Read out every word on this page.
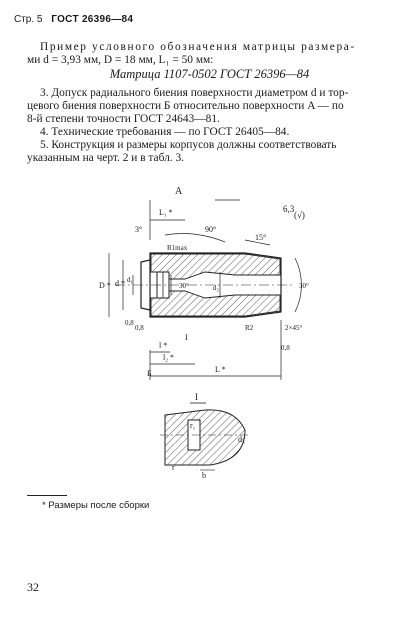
Стр. 5 ГОСТ 26396—84
Пример условного обозначения матрицы размера-
ми d = 3,93 мм, D = 18 мм, L₁ = 50 мм:
Матрица 1107-0502 ГОСТ 26396—84
3. Допуск радиального биения поверхности диаметром d и тор-
цевого биения поверхности Б относительно поверхности A — по
8-й степени точности ГОСТ 24643—81.
4. Технические требования — по ГОСТ 26405—84.
5. Конструкция и размеры корпусов должны соответствовать
указанным на черт. 2 и в табл. 3.
A
6,3
(√)
L₁ *
3°	90°
15°
R1max
D * d * d₁
d₂
R2
30°	30°
2×45°
0,8
0,8
0,8
l *
l₂ *
L *
I
Б
I
r₁
d₃
r
b
* Размеры после сборки
32
